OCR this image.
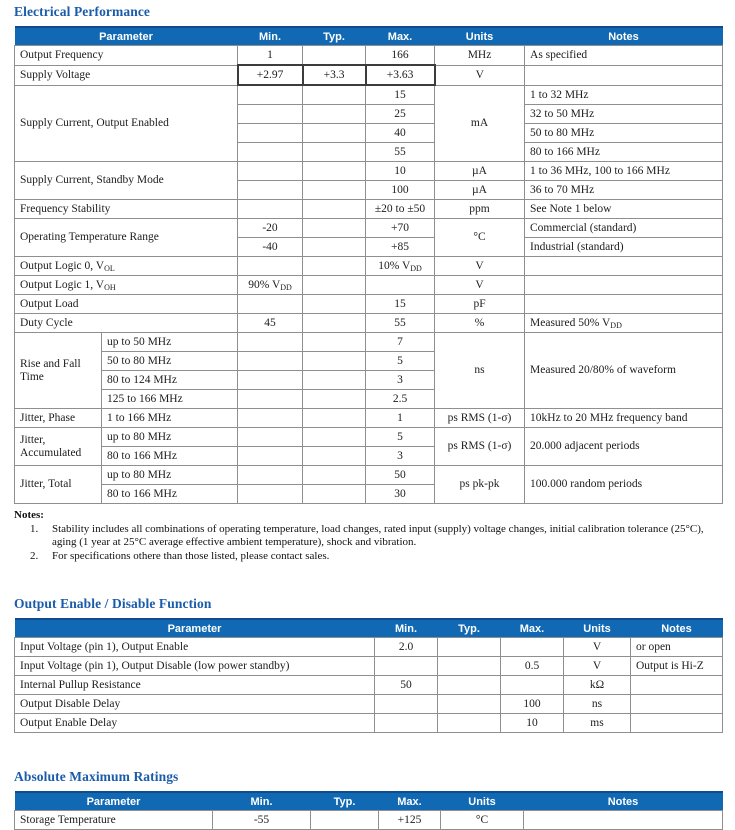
Electrical Performance
Parameter		Min.	Typ.	Max.	Units	Notes
Output Frequency		1		166	MHz	As specified
Supply Voltage		+2.97	+3.3	+3.63	V	
Supply Current, Output Enabled				15	mA	1 to 32 MHz
				25		32 to 50 MHz
				40		50 to 80 MHz
				55		80 to 166 MHz
Supply Current, Standby Mode				10	µA	1 to 36 MHz, 100 to 166 MHz
				100	µA	36 to 70 MHz
Frequency Stability				±20 to ±50	ppm	See Note 1 below
Operating Temperature Range		-20		+70	°C	Commercial (standard)
		-40		+85		Industrial (standard)
Output Logic 0, $V_{OL}$				10% $V_{DD}$	V	
Output Logic 1, $V_{OH}$		90% $V_{DD}$			V	
Output Load				15	pF	
Duty Cycle		45		55	%	Measured 50% $V_{DD}$
Rise and Fall Time	up to 50 MHz			7	ns	Measured 20/80% of waveform
	50 to 80 MHz			5		
	80 to 124 MHz			3		
	125 to 166 MHz			2.5		
Jitter, Phase	1 to 166 MHz			1	ps RMS (1-σ)	10kHz to 20 MHz frequency band
Jitter, Accumulated	up to 80 MHz			5	ps RMS (1-σ)	20.000 adjacent periods
	80 to 166 MHz			3		
Jitter, Total	up to 80 MHz			50	ps pk-pk	100.000 random periods
	80 to 166 MHz			30		
Notes:
1.	Stability includes all combinations of operating temperature, load changes, rated input (supply) voltage changes, initial calibration tolerance (25°C), aging (1 year at 25°C average effective ambient temperature), shock and vibration.
2.	For specifications othere than those listed, please contact sales.
Output Enable / Disable Function
Parameter	Min.	Typ.	Max.	Units	Notes
Input Voltage (pin 1), Output Enable	2.0			V	or open
Input Voltage (pin 1), Output Disable (low power standby)			0.5	V	Output is Hi-Z
Internal Pullup Resistance	50			kΩ	
Output Disable Delay			100	ns	
Output Enable Delay			10	ms	
Absolute Maximum Ratings
Parameter	Min.	Typ.	Max.	Units	Notes
Storage Temperature	-55		+125	°C	
